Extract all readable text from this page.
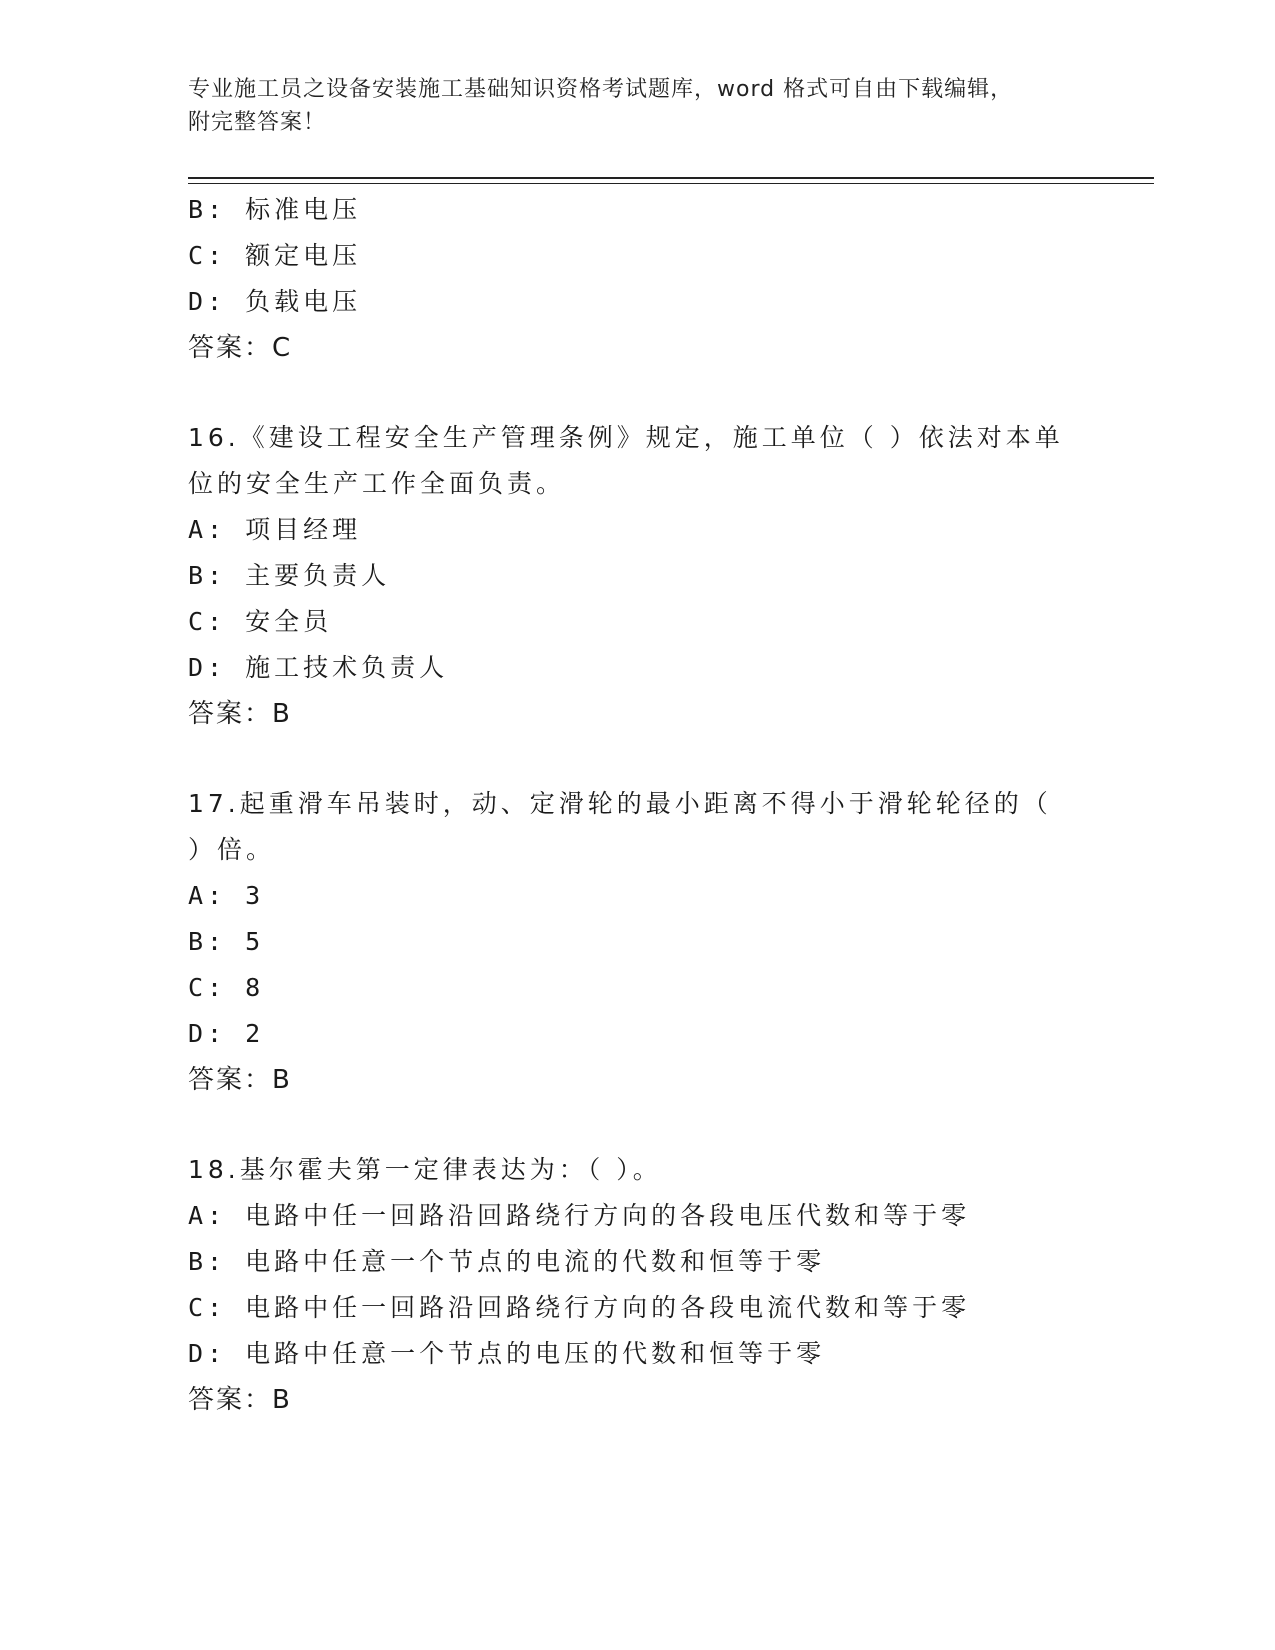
专业施工员之设备安装施工基础知识资格考试题库，word 格式可自由下载编辑，
附完整答案！
B: 标准电压
C: 额定电压
D: 负载电压
答案：C
16.《建设工程安全生产管理条例》规定，施工单位（ ）依法对本单
位的安全生产工作全面负责。
A: 项目经理
B: 主要负责人
C: 安全员
D: 施工技术负责人
答案：B
17.起重滑车吊装时，动、定滑轮的最小距离不得小于滑轮轮径的（
）倍。
A: 3
B: 5
C: 8
D: 2
答案：B
18.基尔霍夫第一定律表达为：（ ）。
A: 电路中任一回路沿回路绕行方向的各段电压代数和等于零
B: 电路中任意一个节点的电流的代数和恒等于零
C: 电路中任一回路沿回路绕行方向的各段电流代数和等于零
D: 电路中任意一个节点的电压的代数和恒等于零
答案：B
